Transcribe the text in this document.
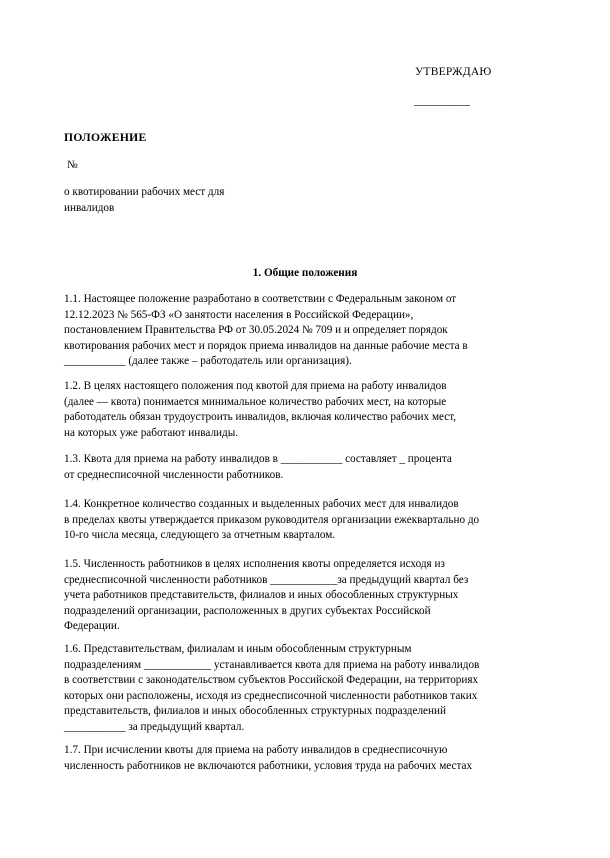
УТВЕРЖДАЮ
__________
ПОЛОЖЕНИЕ
№
о квотировании рабочих мест для
инвалидов
1. Общие положения
1.1. Настоящее положение разработано в соответствии с Федеральным законом от
12.12.2023 № 565-ФЗ «О занятости населения в Российской Федерации»,
постановлением Правительства РФ от 30.05.2024 № 709 и и определяет порядок
квотирования рабочих мест и порядок приема инвалидов на данные рабочие места в
___________ (далее также – работодатель или организация).
1.2. В целях настоящего положения под квотой для приема на работу инвалидов
(далее — квота) понимается минимальное количество рабочих мест, на которые
работодатель обязан трудоустроить инвалидов, включая количество рабочих мест,
на которых уже работают инвалиды.
1.3. Квота для приема на работу инвалидов в ___________ составляет _ процента
от среднесписочной численности работников.
1.4. Конкретное количество созданных и выделенных рабочих мест для инвалидов
в пределах квоты утверждается приказом руководителя организации ежеквартально до
10-го числа месяца, следующего за отчетным кварталом.
1.5. Численность работников в целях исполнения квоты определяется исходя из
среднесписочной численности работников ____________за предыдущий квартал без
учета работников представительств, филиалов и иных обособленных структурных
подразделений организации, расположенных в других субъектах Российской
Федерации.
1.6. Представительствам, филиалам и иным обособленным структурным
подразделениям ____________ устанавливается квота для приема на работу инвалидов
в соответствии с законодательством субъектов Российской Федерации, на территориях
которых они расположены, исходя из среднесписочной численности работников таких
представительств, филиалов и иных обособленных структурных подразделений
___________ за предыдущий квартал.
1.7. При исчислении квоты для приема на работу инвалидов в среднесписочную
численность работников не включаются работники, условия труда на рабочих местах
